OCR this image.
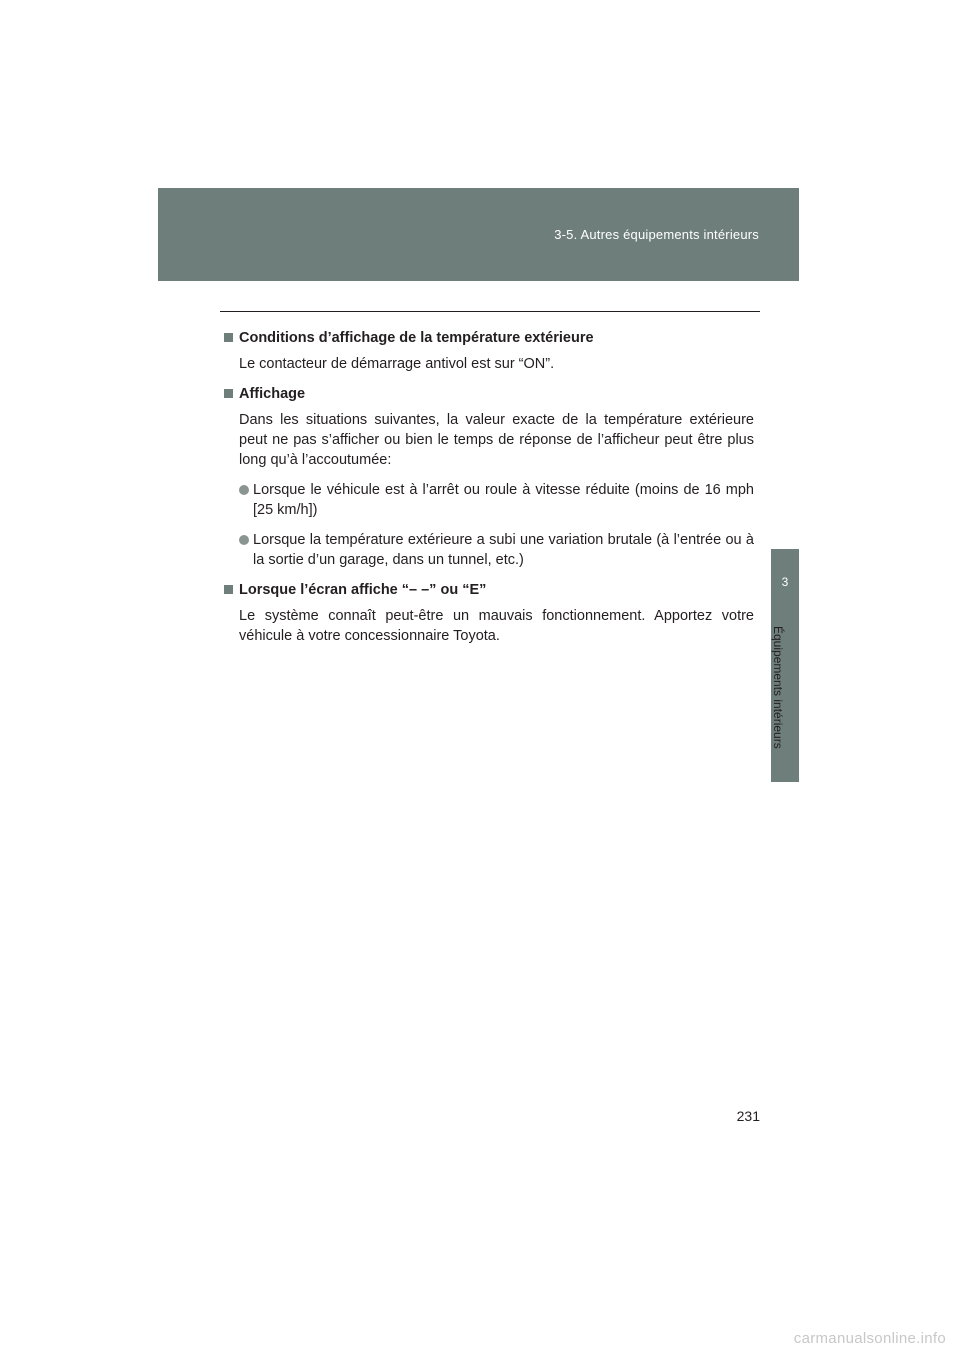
3-5. Autres équipements intérieurs
3
Équipements intérieurs
Conditions d’affichage de la température extérieure

Le contacteur de démarrage antivol est sur “ON”.

Affichage

Dans les situations suivantes, la valeur exacte de la température extérieure peut ne pas s’afficher ou bien le temps de réponse de l’afficheur peut être plus long qu’à l’accoutumée:

Lorsque le véhicule est à l’arrêt ou roule à vitesse réduite (moins de 16 mph [25 km/h])
Lorsque la température extérieure a subi une variation brutale (à l’entrée ou à la sortie d’un garage, dans un tunnel, etc.)
Lorsque l’écran affiche “– –” ou “E”

Le système connaît peut-être un mauvais fonctionnement. Apportez votre véhicule à votre concessionnaire Toyota.

231
carmanualsonline.info
